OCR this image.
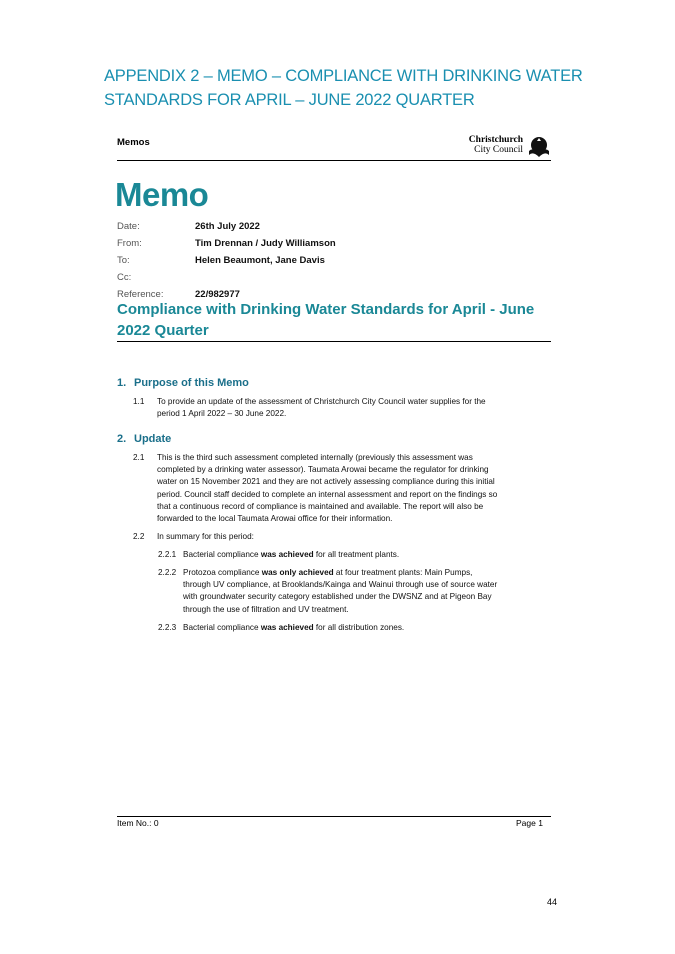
APPENDIX 2 – MEMO – COMPLIANCE WITH DRINKING WATER
STANDARDS FOR APRIL – JUNE 2022 QUARTER
Memos	Christchurch
City Council
Memo
Date:	26th July 2022
From:	Tim Drennan / Judy Williamson
To:	Helen Beaumont, Jane Davis
Cc:
Reference:	22/982977
Compliance with Drinking Water Standards for April - June
2022 Quarter
1. Purpose of this Memo
1.1 To provide an update of the assessment of Christchurch City Council water supplies for the
period 1 April 2022 – 30 June 2022.
2. Update
2.1 This is the third such assessment completed internally (previously this assessment was
completed by a drinking water assessor). Taumata Arowai became the regulator for drinking
water on 15 November 2021 and they are not actively assessing compliance during this initial
period. Council staff decided to complete an internal assessment and report on the findings so
that a continuous record of compliance is maintained and available. The report will also be
forwarded to the local Taumata Arowai office for their information.
2.2 In summary for this period:
2.2.1 Bacterial compliance was achieved for all treatment plants.
2.2.2 Protozoa compliance was only achieved at four treatment plants: Main Pumps,
through UV compliance, at Brooklands/Kainga and Wainui through use of source water
with groundwater security category established under the DWSNZ and at Pigeon Bay
through the use of filtration and UV treatment.
2.2.3 Bacterial compliance was achieved for all distribution zones.
Item No.: 0	Page 1
44
